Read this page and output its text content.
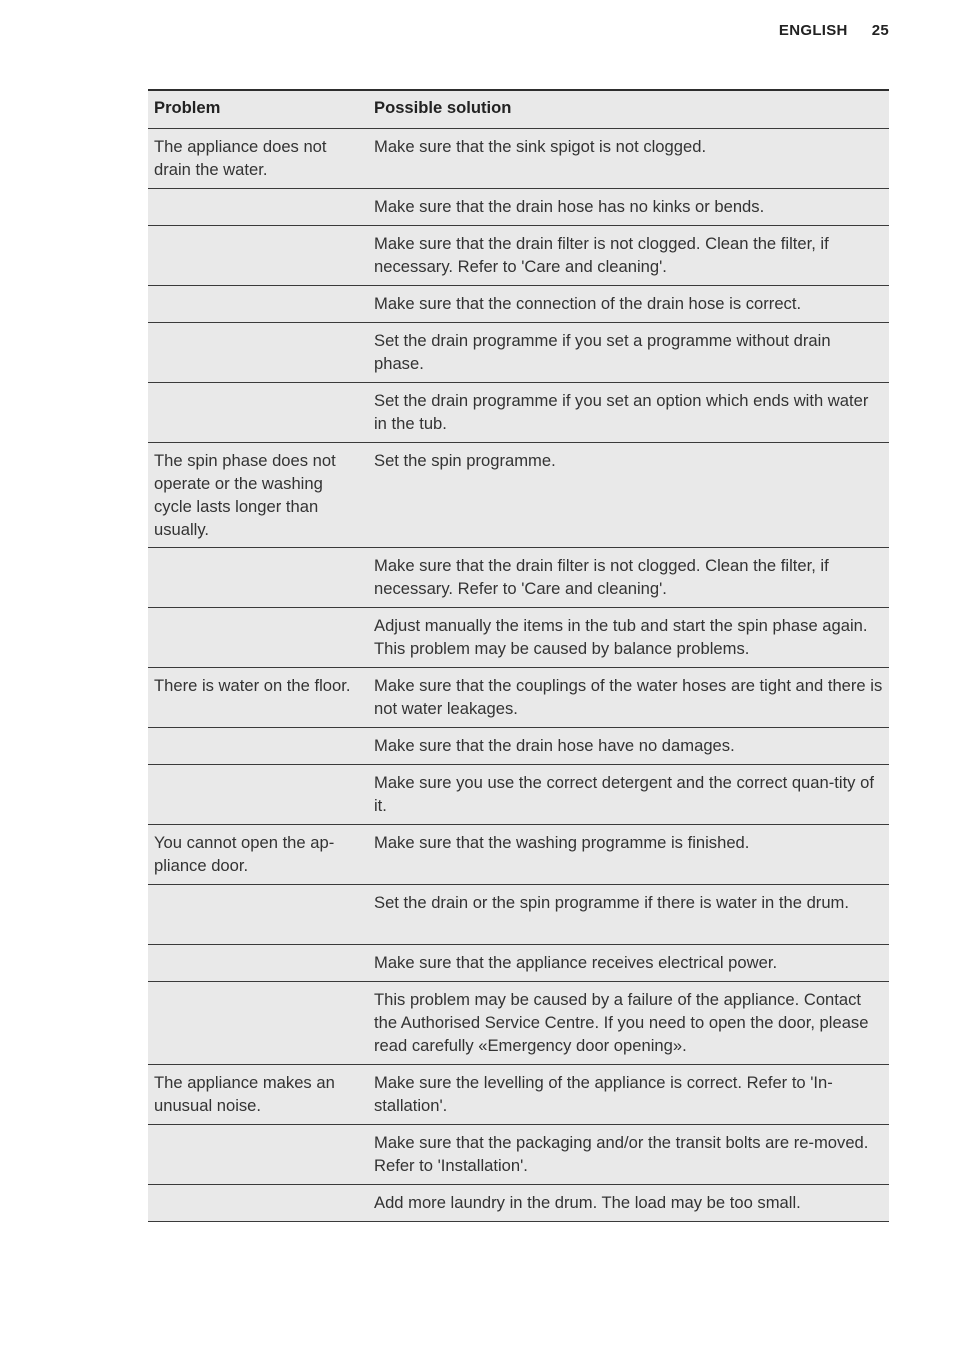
ENGLISH 25
Problem	Possible solution
The appliance does not drain the water.
Make sure that the sink spigot is not clogged.
Make sure that the drain hose has no kinks or bends.
Make sure that the drain filter is not clogged. Clean the filter, if necessary. Refer to 'Care and cleaning'.
Make sure that the connection of the drain hose is correct.
Set the drain programme if you set a programme without drain phase.
Set the drain programme if you set an option which ends with water in the tub.
The spin phase does not operate or the washing cycle lasts longer than usually.
Set the spin programme.
Make sure that the drain filter is not clogged. Clean the filter, if necessary. Refer to 'Care and cleaning'.
Adjust manually the items in the tub and start the spin phase again. This problem may be caused by balance problems.
There is water on the floor.	Make sure that the couplings of the water hoses are tight and there is not water leakages.
Make sure that the drain hose have no damages.
Make sure you use the correct detergent and the correct quan-tity of it.
You cannot open the ap-pliance door.
Make sure that the washing programme is finished.
Set the drain or the spin programme if there is water in the drum.
Make sure that the appliance receives electrical power.
This problem may be caused by a failure of the appliance. Contact the Authorised Service Centre. If you need to open the door, please read carefully «Emergency door opening».
The appliance makes an unusual noise.
Make sure the levelling of the appliance is correct. Refer to 'In-stallation'.
Make sure that the packaging and/or the transit bolts are re-moved. Refer to 'Installation'.
Add more laundry in the drum. The load may be too small.
